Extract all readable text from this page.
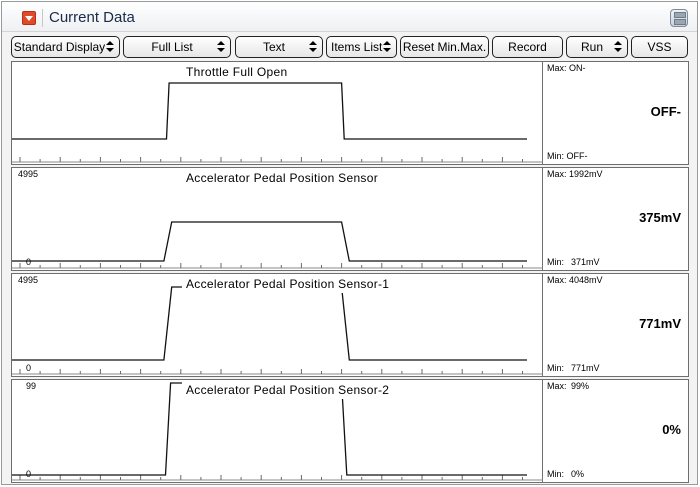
Current Data
Standard Display	Full List	Text	Items List	Reset Min.Max.	Record	Run	VSS
Throttle Full Open	Max: ON-
OFF-
Min: OFF-
4995
0
Accelerator Pedal Position Sensor	Max: 1992mV
375mV
Min: 371mV
4995
0
Accelerator Pedal Position Sensor-1	Max: 4048mV
771mV
Min: 771mV
99
0
Accelerator Pedal Position Sensor-2	Max: 99%
0%
Min: 0%
